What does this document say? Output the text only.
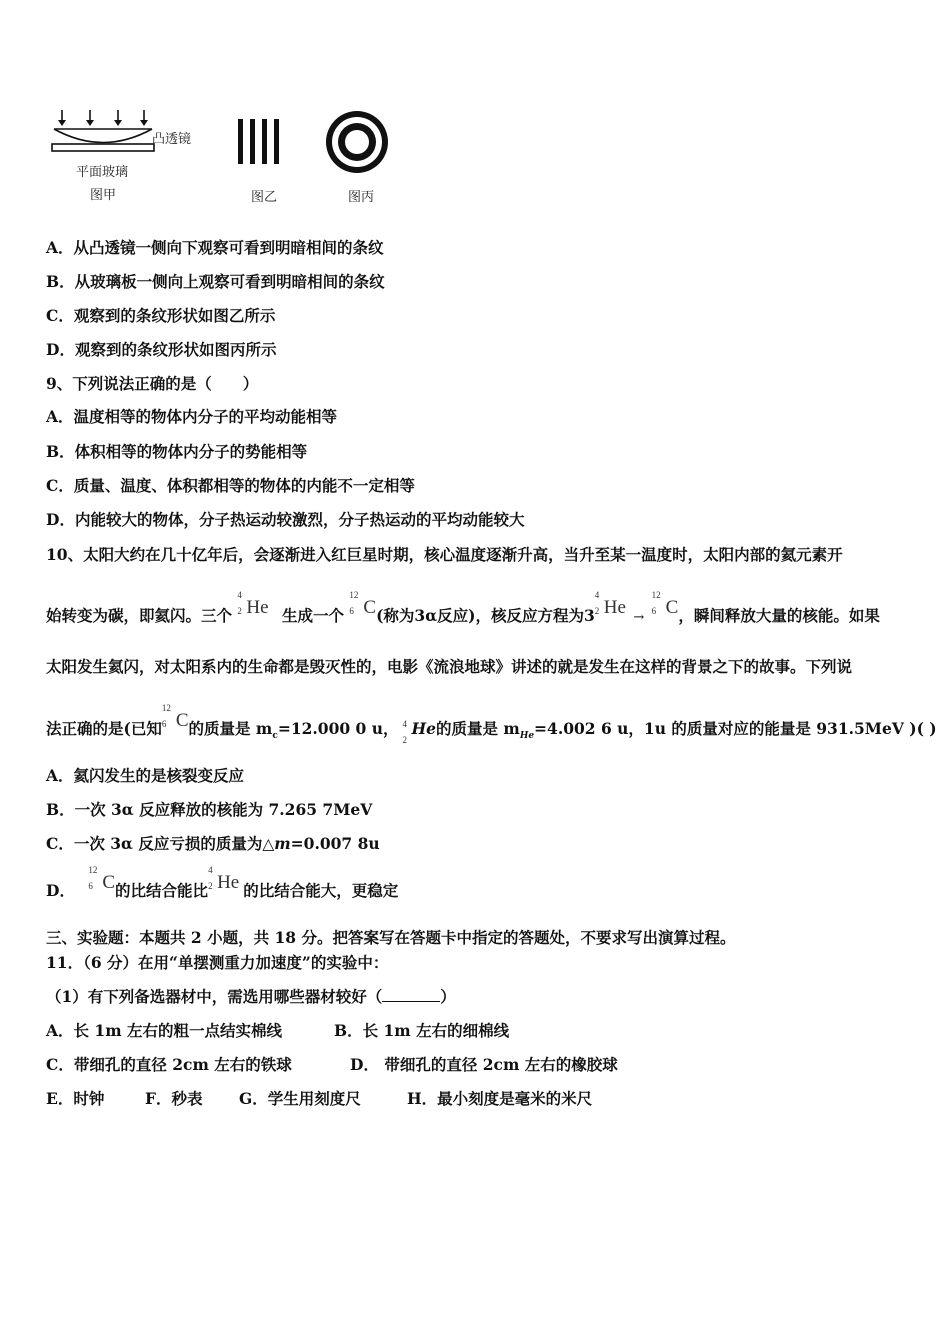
凸透镜
平面玻璃
图甲	图乙	图丙
A．从凸透镜一侧向下观察可看到明暗相间的条纹
B．从玻璃板一侧向上观察可看到明暗相间的条纹
C．观察到的条纹形状如图乙所示
D．观察到的条纹形状如图丙所示
9、下列说法正确的是（　　）
A．温度相等的物体内分子的平均动能相等
B．体积相等的物体内分子的势能相等
C．质量、温度、体积都相等的物体的内能不一定相等
D．内能较大的物体，分子热运动较激烈，分子热运动的平均动能较大
10、太阳大约在几十亿年后，会逐渐进入红巨星时期，核心温度逐渐升高，当升至某一温度时，太阳内部的氦元素开
始转变为碳，即氦闪。三个
4
2 He 生成一个
12
6 C(称为3α反应)，核反应方程为3
4
2 He →
12
6 C，瞬间释放大量的核能。如果
太阳发生氦闪，对太阳系内的生命都是毁灭性的，电影《流浪地球》讲述的就是发生在这样的背景之下的故事。下列说
法正确的是(已知
12
6 C的质量是 $m_c=12.000$ 0 u， 4
2
He的质量是 $m_{He}=4.002$ 6 u，1u 的质量对应的能量是 931.5MeV )( )
A．氦闪发生的是核裂变反应
B．一次 3α 反应释放的核能为 7.265 7MeV
C．一次 3α 反应亏损的质量为△m=0.007 8u
D．
12
6 C的比结合能比
4
2 He 的比结合能大，更稳定
三、实验题：本题共 2 小题，共 18 分。把答案写在答题卡中指定的答题处，不要求写出演算过程。
11．（6 分）在用“单摆测重力加速度”的实验中：
（1）有下列备选器材中，需选用哪些器材较好（	）
A．长 1m 左右的粗一点结实棉线	B．长 1m 左右的细棉线
C．带细孔的直径 2cm 左右的铁球	D． 带细孔的直径 2cm 左右的橡胶球
E．时钟	F．秒表 G．学生用刻度尺	H．最小刻度是毫米的米尺
